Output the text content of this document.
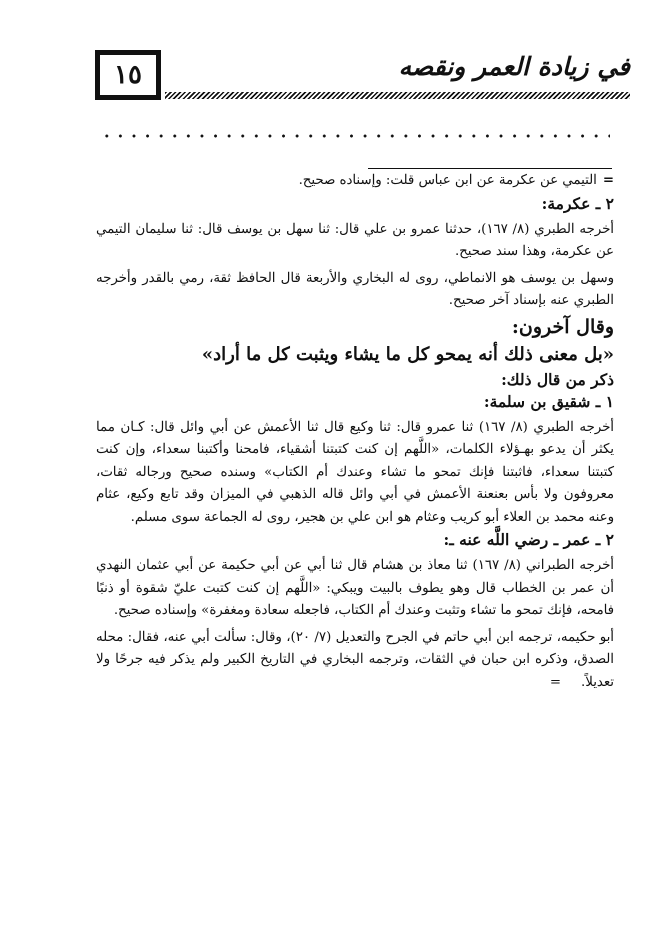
١٥	في زيادة العمر ونقصه

=التيمي عن عكرمة عن ابن عباس قلت: وإسناده صحيح.

٢ ـ عكرمة:

أخرجه الطبري (٨/ ١٦٧)، حدثنا عمرو بن علي قال: ثنا سهل بن يوسف قال: ثنا سليمان التيمي عن عكرمة، وهذا سند صحيح.

وسهل بن يوسف هو الانماطي، روى له البخاري والأربعة قال الحافظ ثقة، رمي بالقدر وأخرجه الطبري عنه بإسناد آخر صحيح.

وقال آخرون:

«بل معنى ذلك أنه يمحو كل ما يشاء ويثبت كل ما أراد»

ذكر من قال ذلك:

١ ـ شقيق بن سلمة:

أخرجه الطبري (٨/ ١٦٧) ثنا عمرو قال: ثنا وكيع قال ثنا الأعمش عن أبي وائل قال: كـان مما يكثر أن يدعو بهـؤلاء الكلمات، «اللَّهم إن كنت كتبتنا أشقياء، فامحنا وأكتبنا سعداء، وإن كنت كتبتنا سعداء، فاثبتنا فإنك تمحو ما تشاء وعندك أم الكتاب» وسنده صحيح ورجاله ثقات، معروفون ولا بأس بعنعنة الأعمش في أبي وائل قاله الذهبي في الميزان وقد تابع وكيع، عثام وعنه محمد بن العلاء أبو كريب وعثام هو ابن علي بن هجير، روى له الجماعة سوى مسلم.

٢ ـ عمر ـ رضي اللَّه عنه ـ:

أخرجه الطبراني (٨/ ١٦٧) ثنا معاذ بن هشام قال ثنا أبي عن أبي حكيمة عن أبي عثمان النهدي أن عمر بن الخطاب قال وهو يطوف بالبيت ويبكي: «اللَّهم إن كنت كتبت عليّ شقوة أو ذنبًا فامحه، فإنك تمحو ما تشاء وتثبت وعندك أم الكتاب، فاجعله سعادة ومغفرة» وإسناده صحيح.

أبو حكيمه، ترجمه ابن أبي حاتم في الجرح والتعديل (٧/ ٢٠)، وقال: سألت أبي عنه، فقال: محله الصدق، وذكره ابن حبان في الثقات، وترجمه البخاري في التاريخ الكبير ولم يذكر فيه جرحًا ولا تعديلاً.=
